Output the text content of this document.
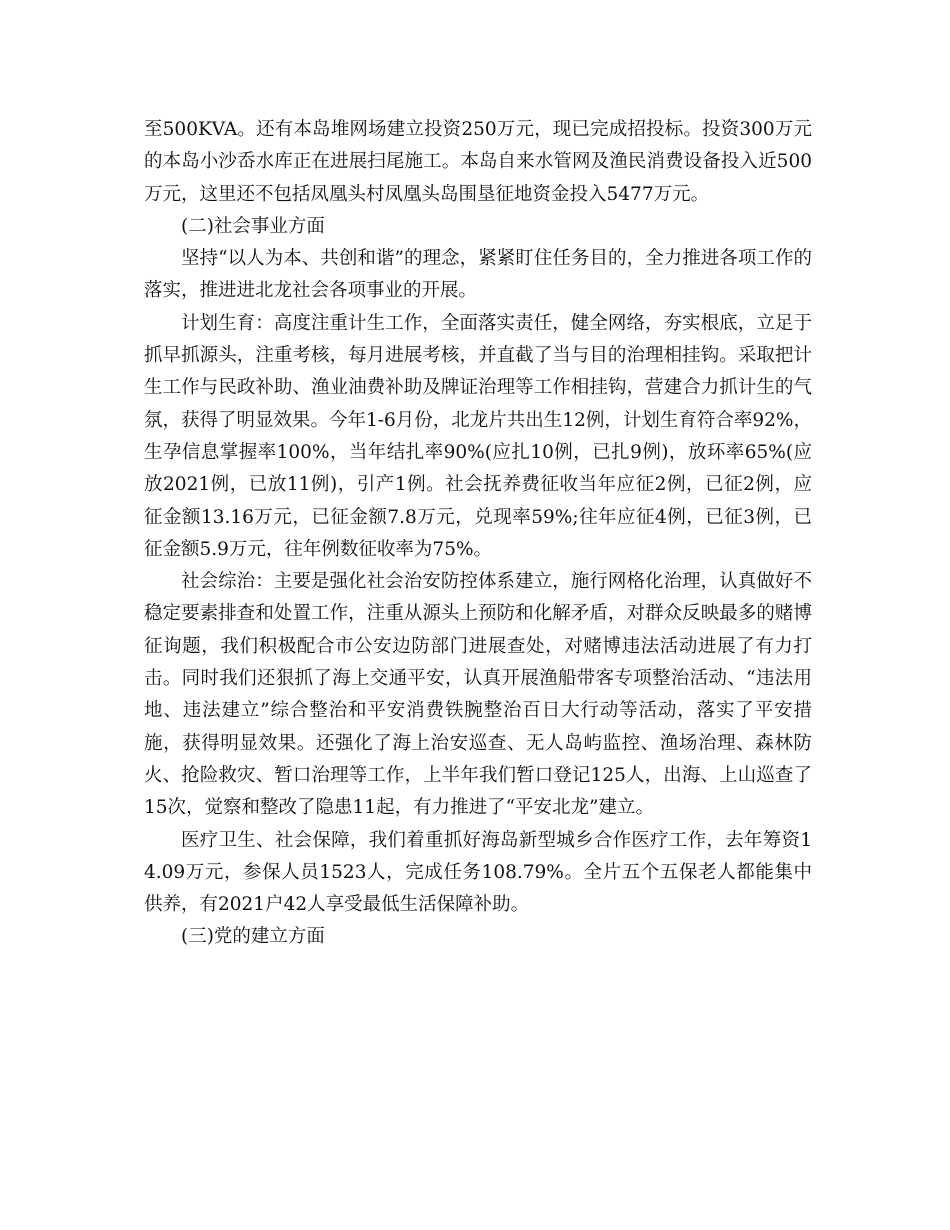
至500KVA。还有本岛堆网场建立投资250万元，现已完成招投标。投资300万元的本岛小沙岙水库正在进展扫尾施工。本岛自来水管网及渔民消费设备投入近500万元，这里还不包括凤凰头村凤凰头岛围垦征地资金投入5477万元。

(二)社会事业方面

坚持“以人为本、共创和谐”的理念，紧紧盯住任务目的，全力推进各项工作的落实，推进进北龙社会各项事业的开展。

计划生育：高度注重计生工作，全面落实责任，健全网络，夯实根底，立足于抓早抓源头，注重考核，每月进展考核，并直截了当与目的治理相挂钩。采取把计生工作与民政补助、渔业油费补助及牌证治理等工作相挂钩，营建合力抓计生的气氛，获得了明显效果。今年1-6月份，北龙片共出生12例，计划生育符合率92%，生孕信息掌握率100%，当年结扎率90%(应扎10例，已扎9例)，放环率65%(应放2021例，已放11例)，引产1例。社会抚养费征收当年应征2例，已征2例，应征金额13.16万元，已征金额7.8万元，兑现率59%;往年应征4例，已征3例，已征金额5.9万元，往年例数征收率为75%。

社会综治：主要是强化社会治安防控体系建立，施行网格化治理，认真做好不稳定要素排查和处置工作，注重从源头上预防和化解矛盾，对群众反映最多的赌博征询题，我们积极配合市公安边防部门进展查处，对赌博违法活动进展了有力打击。同时我们还狠抓了海上交通平安，认真开展渔船带客专项整治活动、“违法用地、违法建立”综合整治和平安消费铁腕整治百日大行动等活动，落实了平安措施，获得明显效果。还强化了海上治安巡查、无人岛屿监控、渔场治理、森林防火、抢险救灾、暂口治理等工作，上半年我们暂口登记125人，出海、上山巡查了15次，觉察和整改了隐患11起，有力推进了“平安北龙”建立。

医疗卫生、社会保障，我们着重抓好海岛新型城乡合作医疗工作，去年筹资14.09万元，参保人员1523人，完成任务108.79%。全片五个五保老人都能集中供养，有2021户42人享受最低生活保障补助。

(三)党的建立方面
